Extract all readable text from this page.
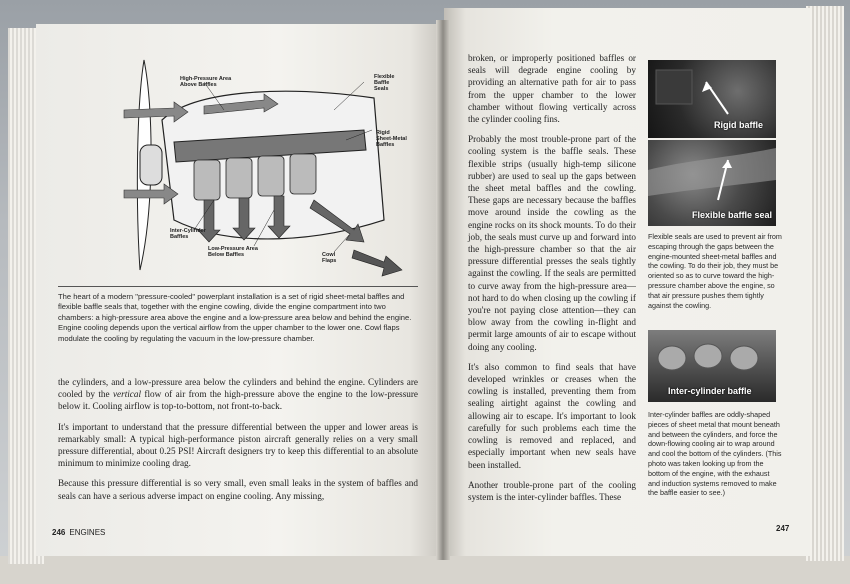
High-Pressure Area
Above Baffles
Flexible
Baffle
Seals
Rigid
Sheet-Metal
Baffles
Inter-Cylinder
Baffles
Low-Pressure Area
Below Baffles	Cowl
Flaps
The heart of a modern "pressure-cooled" powerplant installation is a set of rigid sheet-metal baffles and flexible baffle seals that, together with the engine cowling, divide the engine compartment into two chambers: a high-pressure area above the engine and a low-pressure area below and behind the engine. Engine cooling depends upon the vertical airflow from the upper chamber to the lower one. Cowl flaps modulate the cooling by regulating the vacuum in the low-pressure chamber.

the cylinders, and a low-pressure area below the cylinders and behind the engine. Cylinders are cooled by the vertical flow of air from the high-pressure above the engine to the low-pressure below it. Cooling airflow is top-to-bottom, not front-to-back.

It's important to understand that the pressure differential between the upper and lower areas is remarkably small: A typical high-performance piston aircraft generally relies on a very small pressure differential, about 0.25 PSI! Aircraft designers try to keep this differential to an absolute minimum to minimize cooling drag.

Because this pressure differential is so very small, even small leaks in the system of baffles and seals can have a serious adverse impact on engine cooling. Any missing,

246 ENGINES

broken, or improperly positioned baffles or seals will degrade engine cooling by providing an alternative path for air to pass from the upper chamber to the lower chamber without flowing vertically across the cylinder cooling fins.

Probably the most trouble-prone part of the cooling system is the baffle seals. These flexible strips (usually high-temp silicone rubber) are used to seal up the gaps between the sheet metal baffles and the cowling. These gaps are necessary because the baffles move around inside the cowling as the engine rocks on its shock mounts. To do their job, the seals must curve up and forward into the high-pressure chamber so that the air pressure differential presses the seals tightly against the cowling. If the seals are permitted to curve away from the high-pressure area—not hard to do when closing up the cowling if you're not paying close attention—they can blow away from the cowling in-flight and permit large amounts of air to escape without doing any cooling.

It's also common to find seals that have developed wrinkles or creases when the cowling is installed, preventing them from sealing airtight against the cowling and allowing air to escape. It's important to look carefully for such problems each time the cowling is removed and replaced, and especially important when new seals have been installed.

Another trouble-prone part of the cooling system is the inter-cylinder baffles. These

Rigid baffle
Flexible baffle seal
Flexible seals are used to prevent air from escaping through the gaps between the engine-mounted sheet-metal baffles and the cowling. To do their job, they must be oriented so as to curve toward the high-pressure chamber above the engine, so that air pressure pushes them tightly against the cowling.
Inter-cylinder baffle
Inter-cylinder baffles are oddly-shaped pieces of sheet metal that mount beneath and between the cylinders, and force the down-flowing cooling air to wrap around and cool the bottom of the cylinders. (This photo was taken looking up from the bottom of the engine, with the exhaust and induction systems removed to make the baffle easier to see.)
247
